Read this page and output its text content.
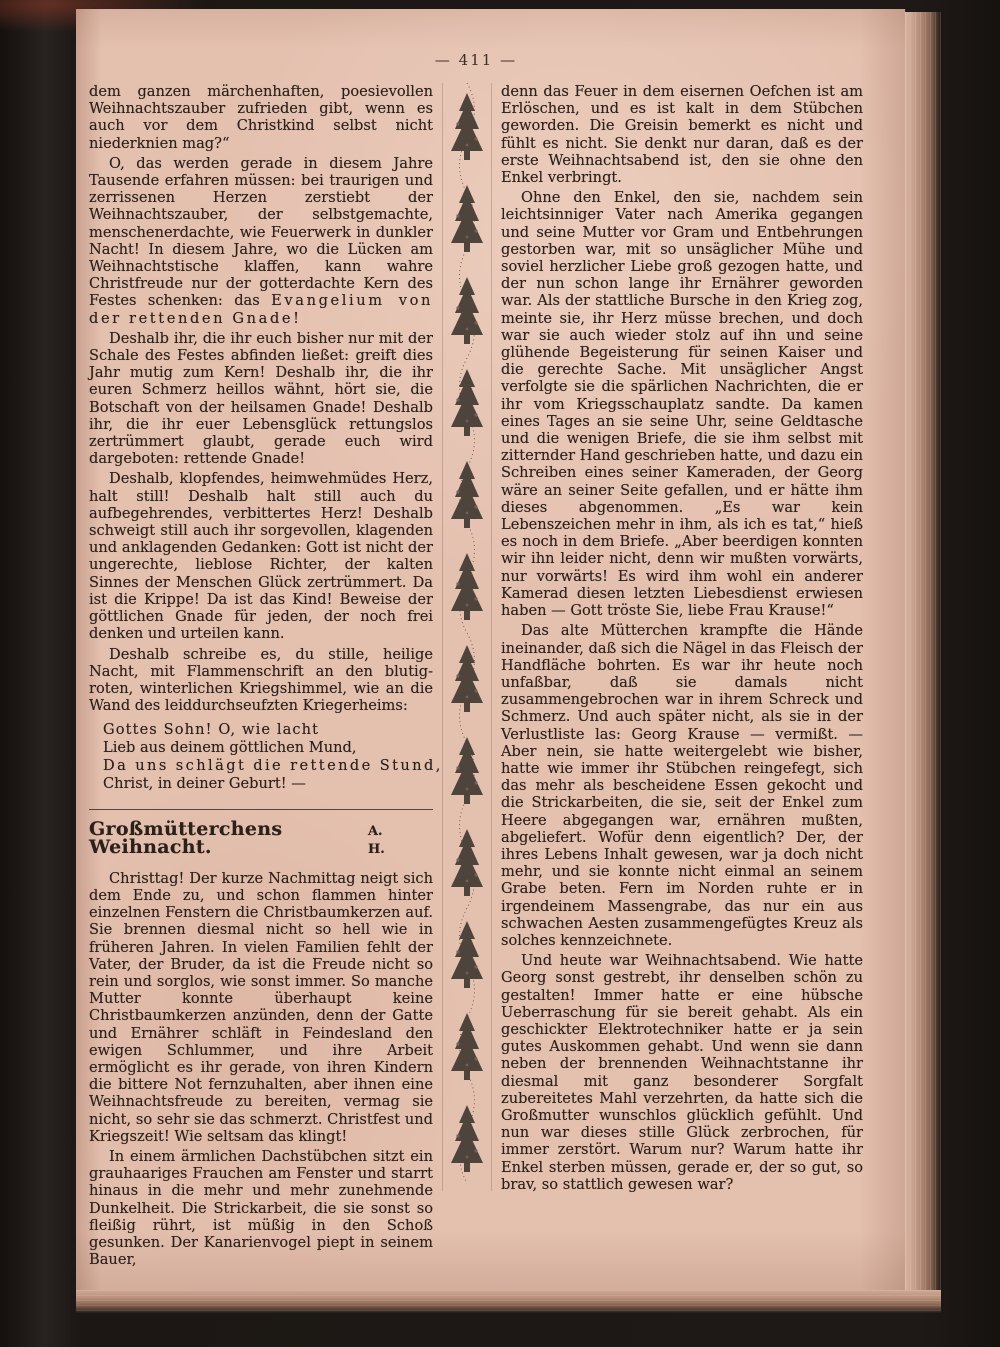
— 411 —

dem ganzen märchenhaften, poesievollen Weihnachtszauber zufrieden gibt, wenn es auch vor dem Christkind selbst nicht niederknien mag?“

O, das werden gerade in diesem Jahre Tausende erfahren müssen: bei traurigen und zerrissenen Herzen zerstiebt der Weihnachtszauber, der selbstgemachte, menschenerdachte, wie Feuerwerk in dunkler Nacht! In diesem Jahre, wo die Lücken am Weihnachtstische klaffen, kann wahre Christfreude nur der gotterdachte Kern des Festes schenken: das Evangelium von der rettenden Gnade!

Deshalb ihr, die ihr euch bisher nur mit der Schale des Festes abfinden ließet: greift dies Jahr mutig zum Kern! Deshalb ihr, die ihr euren Schmerz heillos wähnt, hört sie, die Botschaft von der heilsamen Gnade! Deshalb ihr, die ihr euer Lebensglück rettungslos zertrümmert glaubt, gerade euch wird dargeboten: rettende Gnade!

Deshalb, klopfendes, heimwehmüdes Herz, halt still! Deshalb halt still auch du aufbegehrendes, verbittertes Herz! Deshalb schweigt still auch ihr sorgevollen, klagenden und anklagenden Gedanken: Gott ist nicht der ungerechte, lieblose Richter, der kalten Sinnes der Menschen Glück zertrümmert. Da ist die Krippe! Da ist das Kind! Beweise der göttlichen Gnade für jeden, der noch frei denken und urteilen kann.

Deshalb schreibe es, du stille, heilige Nacht, mit Flammenschrift an den blutig-roten, winterlichen Kriegshimmel, wie an die Wand des leiddurchseufzten Kriegerheims:

Gottes Sohn! O, wie lacht
Lieb aus deinem göttlichen Mund,
Da uns schlägt die rettende Stund,
Christ, in deiner Geburt! —
Großmütterchens Weihnacht.
A. H.

Christtag! Der kurze Nachmittag neigt sich dem Ende zu, und schon flammen hinter einzelnen Fenstern die Christbaumkerzen auf. Sie brennen diesmal nicht so hell wie in früheren Jahren. In vielen Familien fehlt der Vater, der Bruder, da ist die Freude nicht so rein und sorglos, wie sonst immer. So manche Mutter konnte überhaupt keine Christbaumkerzen anzünden, denn der Gatte und Ernährer schläft in Feindesland den ewigen Schlummer, und ihre Arbeit ermöglicht es ihr gerade, von ihren Kindern die bittere Not fernzuhalten, aber ihnen eine Weihnachtsfreude zu bereiten, vermag sie nicht, so sehr sie das schmerzt. Christfest und Kriegszeit! Wie seltsam das klingt!

In einem ärmlichen Dachstübchen sitzt ein grauhaariges Frauchen am Fenster und starrt hinaus in die mehr und mehr zunehmende Dunkelheit. Die Strickarbeit, die sie sonst so fleißig rührt, ist müßig in den Schoß gesunken. Der Kanarienvogel piept in seinem Bauer,

denn das Feuer in dem eisernen Oefchen ist am Erlöschen, und es ist kalt in dem Stübchen geworden. Die Greisin bemerkt es nicht und fühlt es nicht. Sie denkt nur daran, daß es der erste Weihnachtsabend ist, den sie ohne den Enkel verbringt.

Ohne den Enkel, den sie, nachdem sein leichtsinniger Vater nach Amerika gegangen und seine Mutter vor Gram und Entbehrungen gestorben war, mit so unsäglicher Mühe und soviel herzlicher Liebe groß gezogen hatte, und der nun schon lange ihr Ernährer geworden war. Als der stattliche Bursche in den Krieg zog, meinte sie, ihr Herz müsse brechen, und doch war sie auch wieder stolz auf ihn und seine glühende Begeisterung für seinen Kaiser und die gerechte Sache. Mit unsäglicher Angst verfolgte sie die spärlichen Nachrichten, die er ihr vom Kriegsschauplatz sandte. Da kamen eines Tages an sie seine Uhr, seine Geldtasche und die wenigen Briefe, die sie ihm selbst mit zitternder Hand geschrieben hatte, und dazu ein Schreiben eines seiner Kameraden, der Georg wäre an seiner Seite gefallen, und er hätte ihm dieses abgenommen. „Es war kein Lebenszeichen mehr in ihm, als ich es tat,“ hieß es noch in dem Briefe. „Aber beerdigen konnten wir ihn leider nicht, denn wir mußten vorwärts, nur vorwärts! Es wird ihm wohl ein anderer Kamerad diesen letzten Liebesdienst erwiesen haben — Gott tröste Sie, liebe Frau Krause!“

Das alte Mütterchen krampfte die Hände ineinander, daß sich die Nägel in das Fleisch der Handfläche bohrten. Es war ihr heute noch unfaßbar, daß sie damals nicht zusammengebrochen war in ihrem Schreck und Schmerz. Und auch später nicht, als sie in der Verlustliste las: Georg Krause — vermißt. — Aber nein, sie hatte weitergelebt wie bisher, hatte wie immer ihr Stübchen reingefegt, sich das mehr als bescheidene Essen gekocht und die Strickarbeiten, die sie, seit der Enkel zum Heere abgegangen war, ernähren mußten, abgeliefert. Wofür denn eigentlich? Der, der ihres Lebens Inhalt gewesen, war ja doch nicht mehr, und sie konnte nicht einmal an seinem Grabe beten. Fern im Norden ruhte er in irgendeinem Massengrabe, das nur ein aus schwachen Aesten zusammengefügtes Kreuz als solches kennzeichnete.

Und heute war Weihnachtsabend. Wie hatte Georg sonst gestrebt, ihr denselben schön zu gestalten! Immer hatte er eine hübsche Ueberraschung für sie bereit gehabt. Als ein geschickter Elektrotechniker hatte er ja sein gutes Auskommen gehabt. Und wenn sie dann neben der brennenden Weihnachtstanne ihr diesmal mit ganz besonderer Sorgfalt zubereitetes Mahl verzehrten, da hatte sich die Großmutter wunschlos glücklich gefühlt. Und nun war dieses stille Glück zerbrochen, für immer zerstört. Warum nur? Warum hatte ihr Enkel sterben müssen, gerade er, der so gut, so brav, so stattlich gewesen war?
